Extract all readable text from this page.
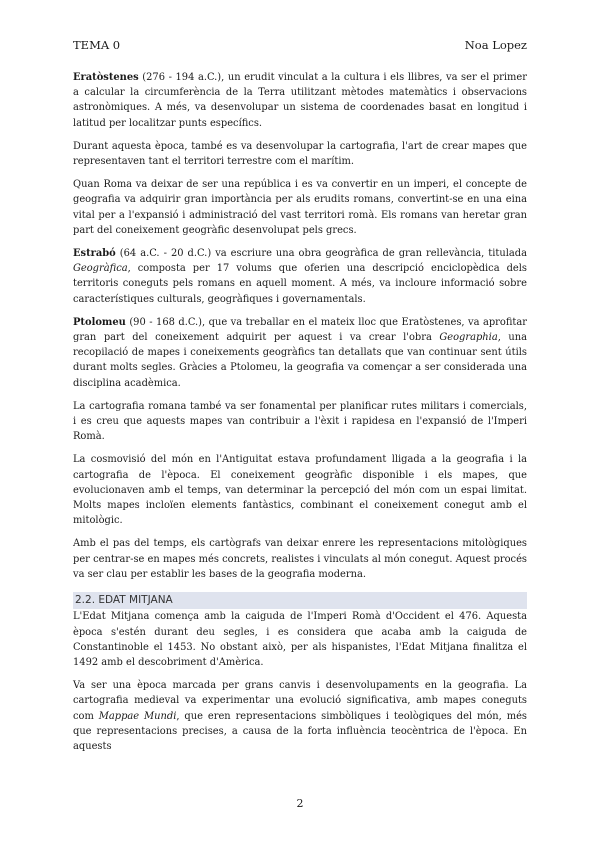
TEMA 0	Noa Lopez

Eratòstenes (276 - 194 a.C.), un erudit vinculat a la cultura i els llibres, va ser el primer a calcular la circumferència de la Terra utilitzant mètodes matemàtics i observacions astronòmiques. A més, va desenvolupar un sistema de coordenades basat en longitud i latitud per localitzar punts específics.

Durant aquesta època, també es va desenvolupar la cartografia, l'art de crear mapes que representaven tant el territori terrestre com el marítim.

Quan Roma va deixar de ser una república i es va convertir en un imperi, el concepte de geografia va adquirir gran importància per als erudits romans, convertint-se en una eina vital per a l'expansió i administració del vast territori romà. Els romans van heretar gran part del coneixement geogràfic desenvolupat pels grecs.

Estrabó (64 a.C. - 20 d.C.) va escriure una obra geogràfica de gran rellevància, titulada Geogràfica, composta per 17 volums que oferien una descripció enciclopèdica dels territoris coneguts pels romans en aquell moment. A més, va incloure informació sobre característiques culturals, geogràfiques i governamentals.

Ptolomeu (90 - 168 d.C.), que va treballar en el mateix lloc que Eratòstenes, va aprofitar gran part del coneixement adquirit per aquest i va crear l'obra Geographia, una recopilació de mapes i coneixements geogràfics tan detallats que van continuar sent útils durant molts segles. Gràcies a Ptolomeu, la geografia va començar a ser considerada una disciplina acadèmica.

La cartografia romana també va ser fonamental per planificar rutes militars i comercials, i es creu que aquests mapes van contribuir a l'èxit i rapidesa en l'expansió de l'Imperi Romà.

La cosmovisió del món en l'Antiguitat estava profundament lligada a la geografia i la cartografia de l'època. El coneixement geogràfic disponible i els mapes, que evolucionaven amb el temps, van determinar la percepció del món com un espai limitat. Molts mapes incloïen elements fantàstics, combinant el coneixement conegut amb el mitològic.

Amb el pas del temps, els cartògrafs van deixar enrere les representacions mitològiques per centrar-se en mapes més concrets, realistes i vinculats al món conegut. Aquest procés va ser clau per establir les bases de la geografia moderna.

2.2. EDAT MITJANA

L'Edat Mitjana comença amb la caiguda de l'Imperi Romà d'Occident el 476. Aquesta època s'estén durant deu segles, i es considera que acaba amb la caiguda de Constantinoble el 1453. No obstant això, per als hispanistes, l'Edat Mitjana finalitza el 1492 amb el descobriment d'Amèrica.

Va ser una època marcada per grans canvis i desenvolupaments en la geografia. La cartografia medieval va experimentar una evolució significativa, amb mapes coneguts com Mappae Mundi, que eren representacions simbòliques i teològiques del món, més que representacions precises, a causa de la forta influència teocèntrica de l'època. En aquests

2
